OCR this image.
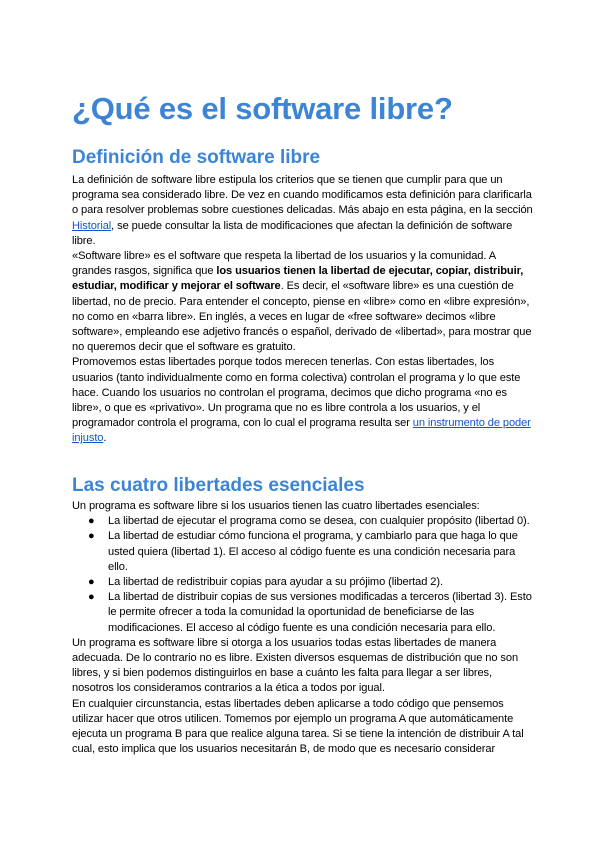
¿Qué es el software libre?
Definición de software libre

La definición de software libre estipula los criterios que se tienen que cumplir para que un programa sea considerado libre. De vez en cuando modificamos esta definición para clarificarla o para resolver problemas sobre cuestiones delicadas. Más abajo en esta página, en la sección Historial, se puede consultar la lista de modificaciones que afectan la definición de software libre.

«Software libre» es el software que respeta la libertad de los usuarios y la comunidad. A grandes rasgos, significa que los usuarios tienen la libertad de ejecutar, copiar, distribuir, estudiar, modificar y mejorar el software. Es decir, el «software libre» es una cuestión de libertad, no de precio. Para entender el concepto, piense en «libre» como en «libre expresión», no como en «barra libre». En inglés, a veces en lugar de «free software» decimos «libre software», empleando ese adjetivo francés o español, derivado de «libertad», para mostrar que no queremos decir que el software es gratuito.

Promovemos estas libertades porque todos merecen tenerlas. Con estas libertades, los usuarios (tanto individualmente como en forma colectiva) controlan el programa y lo que este hace. Cuando los usuarios no controlan el programa, decimos que dicho programa «no es libre», o que es «privativo». Un programa que no es libre controla a los usuarios, y el programador controla el programa, con lo cual el programa resulta ser un instrumento de poder injusto.

Las cuatro libertades esenciales

Un programa es software libre si los usuarios tienen las cuatro libertades esenciales:

● La libertad de ejecutar el programa como se desea, con cualquier propósito (libertad 0).
● La libertad de estudiar cómo funciona el programa, y cambiarlo para que haga lo que usted quiera (libertad 1). El acceso al código fuente es una condición necesaria para ello.
● La libertad de redistribuir copias para ayudar a su prójimo (libertad 2).
● La libertad de distribuir copias de sus versiones modificadas a terceros (libertad 3). Esto le permite ofrecer a toda la comunidad la oportunidad de beneficiarse de las modificaciones. El acceso al código fuente es una condición necesaria para ello.

Un programa es software libre si otorga a los usuarios todas estas libertades de manera adecuada. De lo contrario no es libre. Existen diversos esquemas de distribución que no son libres, y si bien podemos distinguirlos en base a cuánto les falta para llegar a ser libres, nosotros los consideramos contrarios a la ética a todos por igual.

En cualquier circunstancia, estas libertades deben aplicarse a todo código que pensemos utilizar hacer que otros utilicen. Tomemos por ejemplo un programa A que automáticamente ejecuta un programa B para que realice alguna tarea. Si se tiene la intención de distribuir A tal cual, esto implica que los usuarios necesitarán B, de modo que es necesario considerar
